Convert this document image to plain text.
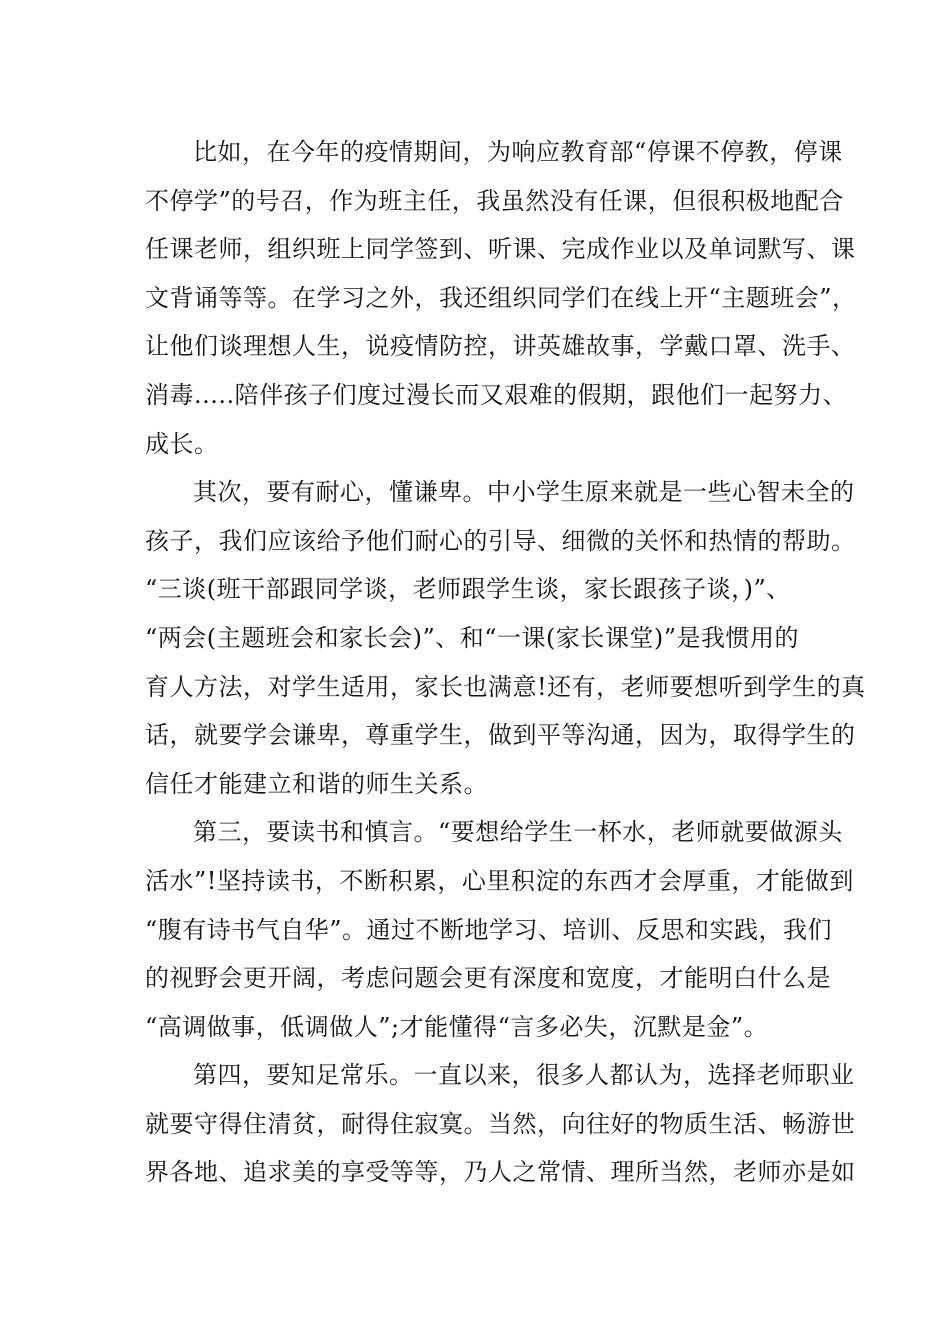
比如，在今年的疫情期间，为响应教育部“停课不停教，停课
不停学”的号召，作为班主任，我虽然没有任课，但很积极地配合
任课老师，组织班上同学签到、听课、完成作业以及单词默写、课
文背诵等等。在学习之外，我还组织同学们在线上开“主题班会”，
让他们谈理想人生，说疫情防控，讲英雄故事，学戴口罩、洗手、
消毒.....陪伴孩子们度过漫长而又艰难的假期，跟他们一起努力、
成长。
其次，要有耐心，懂谦卑。中小学生原来就是一些心智未全的
孩子，我们应该给予他们耐心的引导、细微的关怀和热情的帮助。
“三谈(班干部跟同学谈，老师跟学生谈，家长跟孩子谈，)”、
“两会(主题班会和家长会)”、和“一课(家长课堂)”是我惯用的
育人方法，对学生适用，家长也满意!还有，老师要想听到学生的真
话，就要学会谦卑，尊重学生，做到平等沟通，因为，取得学生的
信任才能建立和谐的师生关系。
第三，要读书和慎言。“要想给学生一杯水，老师就要做源头
活水”!坚持读书，不断积累，心里积淀的东西才会厚重，才能做到
“腹有诗书气自华”。通过不断地学习、培训、反思和实践，我们
的视野会更开阔，考虑问题会更有深度和宽度，才能明白什么是
“高调做事，低调做人”;才能懂得“言多必失，沉默是金”。
第四，要知足常乐。一直以来，很多人都认为，选择老师职业
就要守得住清贫，耐得住寂寞。当然，向往好的物质生活、畅游世
界各地、追求美的享受等等，乃人之常情、理所当然，老师亦是如
